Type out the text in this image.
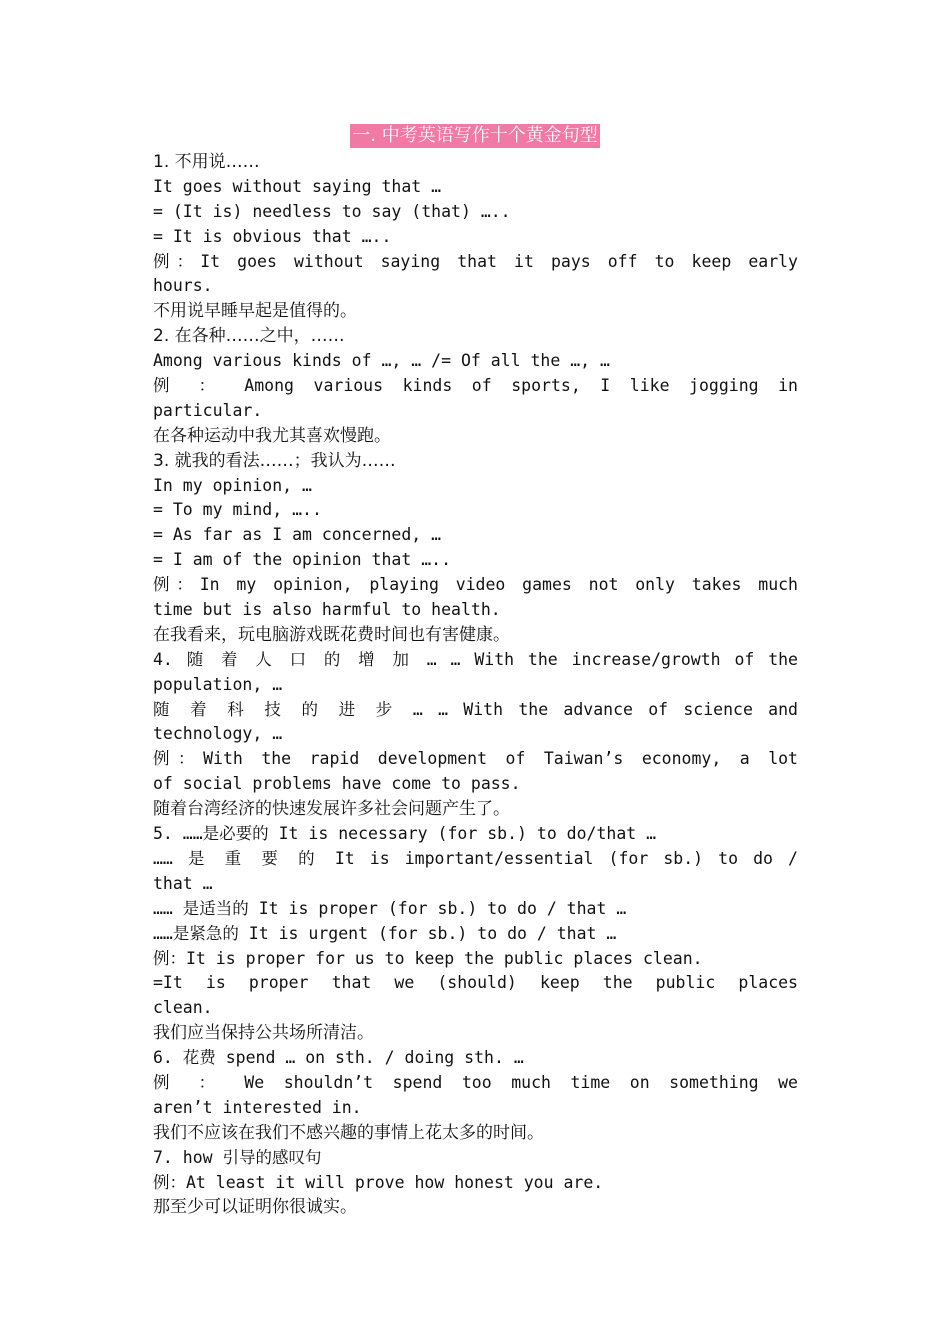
一. 中考英语写作十个黄金句型
1. 不用说……
It goes without saying that …
= (It is) needless to say (that) …..
= It is obvious that …..
例：It goes without saying that it pays off to keep early
hours.
不用说早睡早起是值得的。
2. 在各种……之中，……
Among various kinds of …, … /= Of all the …, …
例 ： Among various kinds of sports, I like jogging in
particular.
在各种运动中我尤其喜欢慢跑。
3. 就我的看法……；我认为……
In my opinion, …
= To my mind, …..
= As far as I am concerned, …
= I am of the opinion that …..
例：In my opinion, playing video games not only takes much
time but is also harmful to health.
在我看来，玩电脑游戏既花费时间也有害健康。
4. 随 着 人 口 的 增 加 … … With the increase/growth of the
population, …
随 着 科 技 的 进 步 … … With the advance of science and
technology, …
例：With the rapid development of Taiwan’s economy, a lot
of social problems have come to pass.
随着台湾经济的快速发展许多社会问题产生了。
5. ……是必要的 It is necessary (for sb.) to do/that …
…… 是 重 要 的 It is important/essential (for sb.) to do /
that …
…… 是适当的 It is proper (for sb.) to do / that …
……是紧急的 It is urgent (for sb.) to do / that …
例：It is proper for us to keep the public places clean.
=It is proper that we (should) keep the public places
clean.
我们应当保持公共场所清洁。
6. 花费 spend … on sth. / doing sth. …
例 ： We shouldn’t spend too much time on something we
aren’t interested in.
我们不应该在我们不感兴趣的事情上花太多的时间。
7. how 引导的感叹句
例：At least it will prove how honest you are.
那至少可以证明你很诚实。
